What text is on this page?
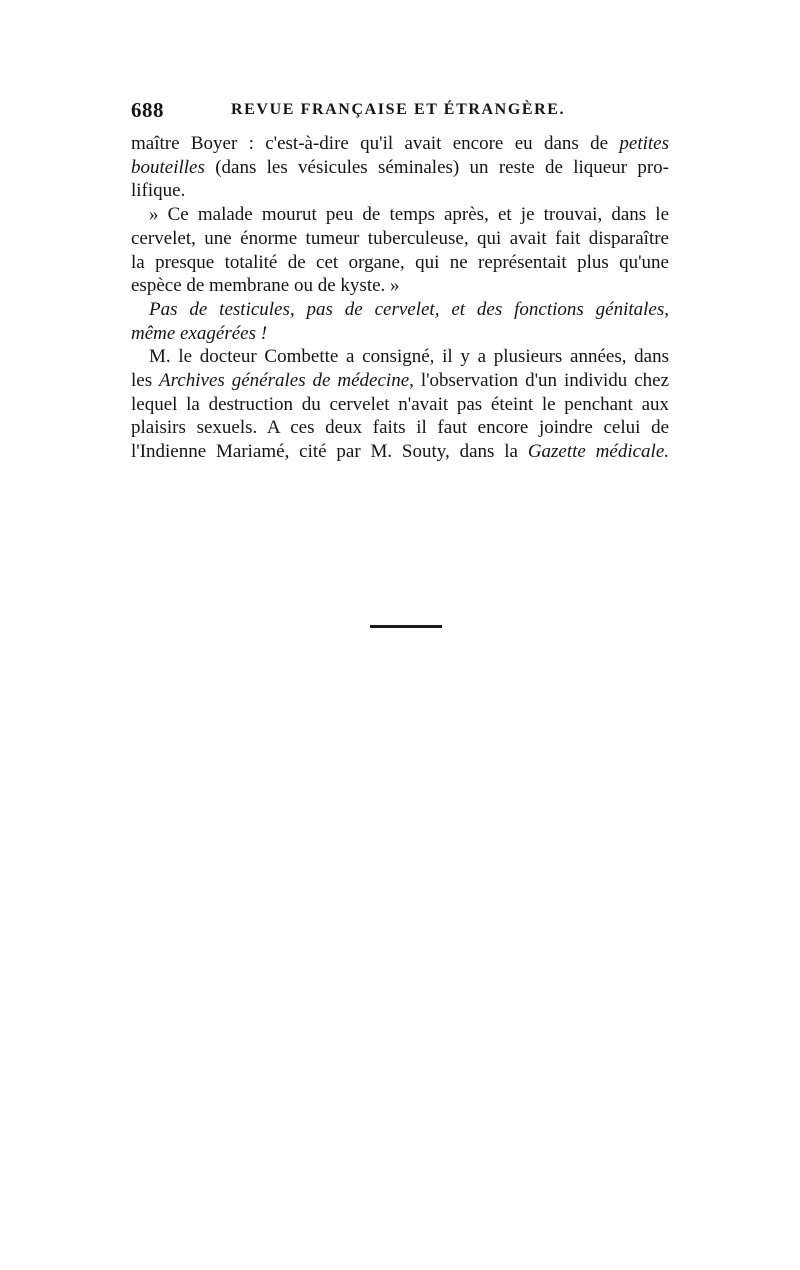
688	REVUE FRANÇAISE ET ÉTRANGÈRE.

maître Boyer : c'est-à-dire qu'il avait encore eu dans de petites
bouteilles (dans les vésicules séminales) un reste de liqueur pro-
lifique.

» Ce malade mourut peu de temps après, et je trouvai, dans le
cervelet, une énorme tumeur tuberculeuse, qui avait fait disparaître
la presque totalité de cet organe, qui ne représentait plus qu'une
espèce de membrane ou de kyste. »

Pas de testicules, pas de cervelet, et des fonctions génitales,
même exagérées !

M. le docteur Combette a consigné, il y a plusieurs années, dans
les Archives générales de médecine, l'observation d'un individu chez
lequel la destruction du cervelet n'avait pas éteint le penchant aux
plaisirs sexuels. A ces deux faits il faut encore joindre celui de
l'Indienne Mariamé, cité par M. Souty, dans la Gazette médicale.
